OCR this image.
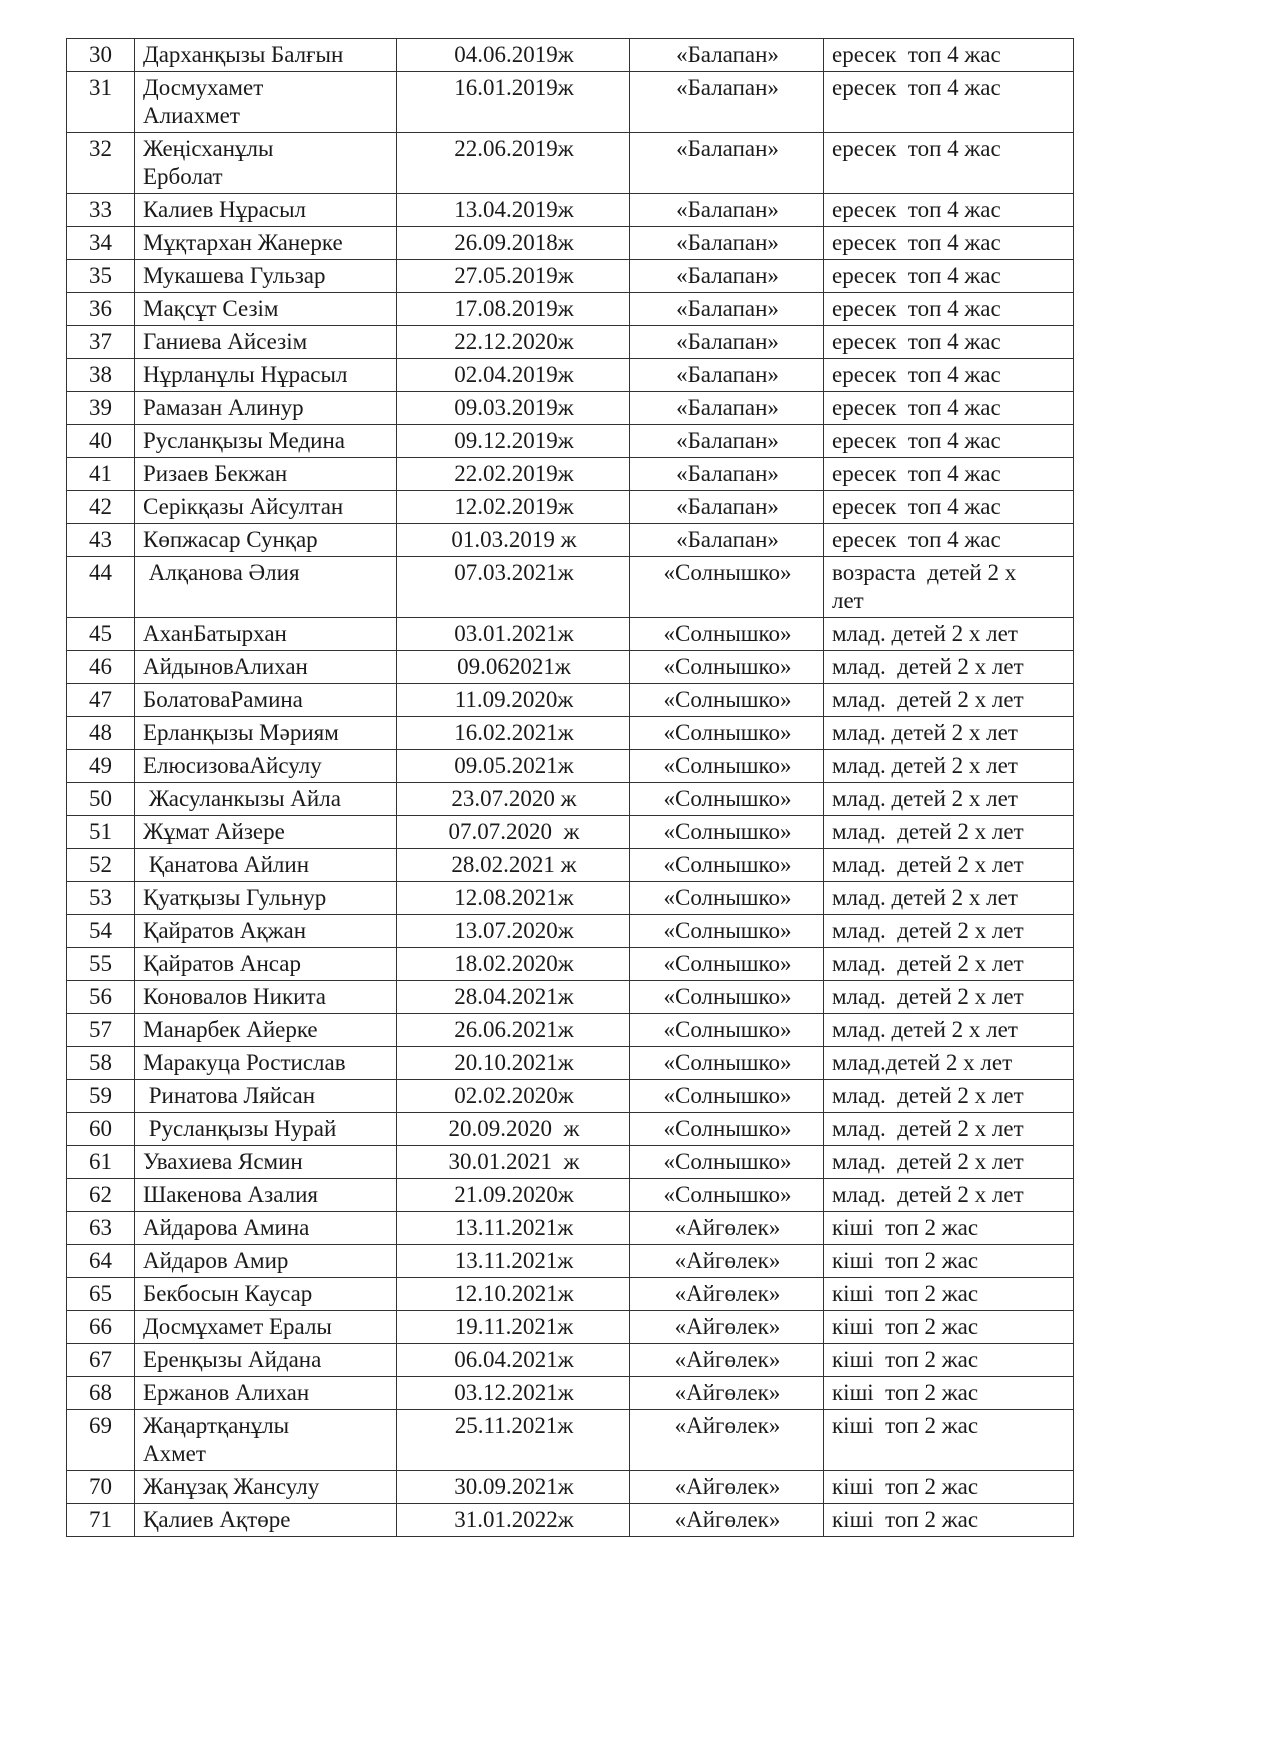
30	Дарханқызы Балғын	04.06.2019ж	«Балапан»	ересек  топ 4 жас
31	Досмухамет
Алиахмет	16.01.2019ж	«Балапан»	ересек  топ 4 жас
32	Жеңісханұлы
Ерболат	22.06.2019ж	«Балапан»	ересек  топ 4 жас
33	Калиев Нұрасыл	13.04.2019ж	«Балапан»	ересек  топ 4 жас
34	Мұқтархан Жанерке	26.09.2018ж	«Балапан»	ересек  топ 4 жас
35	Мукашева Гульзар	27.05.2019ж	«Балапан»	ересек  топ 4 жас
36	Мақсұт Сезім	17.08.2019ж	«Балапан»	ересек  топ 4 жас
37	Ганиева Айсезім	22.12.2020ж	«Балапан»	ересек  топ 4 жас
38	Нұрланұлы Нұрасыл	02.04.2019ж	«Балапан»	ересек  топ 4 жас
39	Рамазан Алинур	09.03.2019ж	«Балапан»	ересек  топ 4 жас
40	Русланқызы Медина	09.12.2019ж	«Балапан»	ересек  топ 4 жас
41	Ризаев Бекжан	22.02.2019ж	«Балапан»	ересек  топ 4 жас
42	Серікқазы Айсултан	12.02.2019ж	«Балапан»	ересек  топ 4 жас
43	Көпжасар Сунқар	01.03.2019 ж	«Балапан»	ересек  топ 4 жас
44	Алқанова Әлия	07.03.2021ж	«Солнышко»	возраста  детей 2 х
лет
45	АханБатырхан	03.01.2021ж	«Солнышко»	млад. детей 2 х лет
46	АйдыновАлихан	09.062021ж	«Солнышко»	млад.  детей 2 х лет
47	БолатоваРамина	11.09.2020ж	«Солнышко»	млад.  детей 2 х лет
48	Ерланқызы Мәриям	16.02.2021ж	«Солнышко»	млад. детей 2 х лет
49	ЕлюсизоваАйсулу	09.05.2021ж	«Солнышко»	млад. детей 2 х лет
50	Жасуланкызы Айла	23.07.2020 ж	«Солнышко»	млад. детей 2 х лет
51	Жұмат Айзере	07.07.2020  ж	«Солнышко»	млад.  детей 2 х лет
52	Қанатова Айлин	28.02.2021 ж	«Солнышко»	млад.  детей 2 х лет
53	Қуатқызы Гульнур	12.08.2021ж	«Солнышко»	млад. детей 2 х лет
54	Қайратов Ақжан	13.07.2020ж	«Солнышко»	млад.  детей 2 х лет
55	Қайратов Ансар	18.02.2020ж	«Солнышко»	млад.  детей 2 х лет
56	Коновалов Никита	28.04.2021ж	«Солнышко»	млад.  детей 2 х лет
57	Манарбек Айерке	26.06.2021ж	«Солнышко»	млад. детей 2 х лет
58	Маракуца Ростислав	20.10.2021ж	«Солнышко»	млад.детей 2 х лет
59	Ринатова Ляйсан	02.02.2020ж	«Солнышко»	млад.  детей 2 х лет
60	Русланқызы Нурай	20.09.2020  ж	«Солнышко»	млад.  детей 2 х лет
61	Увахиева Ясмин	30.01.2021  ж	«Солнышко»	млад.  детей 2 х лет
62	Шакенова Азалия	21.09.2020ж	«Солнышко»	млад.  детей 2 х лет
63	Айдарова Амина	13.11.2021ж	«Айгөлек»	кіші  топ 2 жас
64	Айдаров Амир	13.11.2021ж	«Айгөлек»	кіші  топ 2 жас
65	Бекбосын Каусар	12.10.2021ж	«Айгөлек»	кіші  топ 2 жас
66	Досмұхамет Ералы	19.11.2021ж	«Айгөлек»	кіші  топ 2 жас
67	Еренқызы Айдана	06.04.2021ж	«Айгөлек»	кіші  топ 2 жас
68	Ержанов Алихан	03.12.2021ж	«Айгөлек»	кіші  топ 2 жас
69	Жаңартқанұлы
Ахмет	25.11.2021ж	«Айгөлек»	кіші  топ 2 жас
70	Жанұзақ Жансулу	30.09.2021ж	«Айгөлек»	кіші  топ 2 жас
71	Қалиев Ақтөре	31.01.2022ж	«Айгөлек»	кіші  топ 2 жас
